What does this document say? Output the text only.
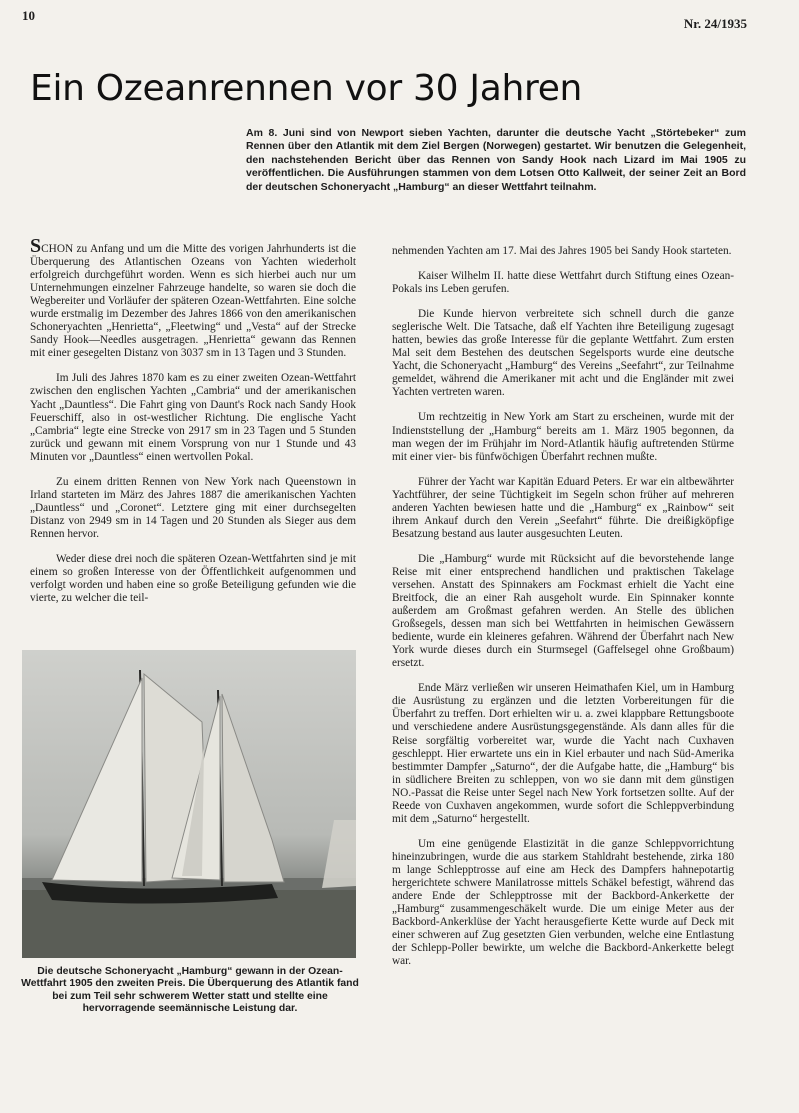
10
Nr. 24/1935
Ein Ozeanrennen vor 30 Jahren

Am 8. Juni sind von Newport sieben Yachten, darunter die deutsche Yacht „Störtebeker“ zum Rennen über den Atlantik mit dem Ziel Bergen (Norwegen) gestartet. Wir benutzen die Gelegenheit, den nachstehenden Bericht über das Rennen von Sandy Hook nach Lizard im Mai 1905 zu veröffentlichen. Die Ausführungen stammen von dem Lotsen Otto Kallweit, der seiner Zeit an Bord der deutschen Schoneryacht „Hamburg“ an dieser Wettfahrt teilnahm.

SCHON zu Anfang und um die Mitte des vorigen Jahrhunderts ist die Überquerung des Atlantischen Ozeans von Yachten wiederholt erfolgreich durchgeführt worden. Wenn es sich hierbei auch nur um Unternehmungen einzelner Fahrzeuge handelte, so waren sie doch die Wegbereiter und Vorläufer der späteren Ozean-Wettfahrten. Eine solche wurde erstmalig im Dezember des Jahres 1866 von den amerikanischen Schoneryachten „Henrietta“, „Fleetwing“ und „Vesta“ auf der Strecke Sandy Hook—Needles ausgetragen. „Henrietta“ gewann das Rennen mit einer gesegelten Distanz von 3037 sm in 13 Tagen und 3 Stunden.

Im Juli des Jahres 1870 kam es zu einer zweiten Ozean-Wettfahrt zwischen den englischen Yachten „Cambria“ und der amerikanischen Yacht „Dauntless“. Die Fahrt ging von Daunt's Rock nach Sandy Hook Feuerschiff, also in ost-westlicher Richtung. Die englische Yacht „Cambria“ legte eine Strecke von 2917 sm in 23 Tagen und 5 Stunden zurück und gewann mit einem Vorsprung von nur 1 Stunde und 43 Minuten vor „Dauntless“ einen wertvollen Pokal.

Zu einem dritten Rennen von New York nach Queenstown in Irland starteten im März des Jahres 1887 die amerikanischen Yachten „Dauntless“ und „Coronet“. Letztere ging mit einer durchsegelten Distanz von 2949 sm in 14 Tagen und 20 Stunden als Sieger aus dem Rennen hervor.

Weder diese drei noch die späteren Ozean-Wettfahrten sind je mit einem so großen Interesse von der Öffentlichkeit aufgenommen und verfolgt worden und haben eine so große Beteiligung gefunden wie die vierte, zu welcher die teil-

Die deutsche Schoneryacht „Hamburg“ gewann in der Ozean-Wettfahrt 1905 den zweiten Preis. Die Überquerung des Atlantik fand bei zum Teil sehr schwerem Wetter statt und stellte eine hervorragende seemännische Leistung dar.

nehmenden Yachten am 17. Mai des Jahres 1905 bei Sandy Hook starteten.

Kaiser Wilhelm II. hatte diese Wettfahrt durch Stiftung eines Ozean-Pokals ins Leben gerufen.

Die Kunde hiervon verbreitete sich schnell durch die ganze seglerische Welt. Die Tatsache, daß elf Yachten ihre Beteiligung zugesagt hatten, bewies das große Interesse für die geplante Wettfahrt. Zum ersten Mal seit dem Bestehen des deutschen Segelsports wurde eine deutsche Yacht, die Schoneryacht „Hamburg“ des Vereins „Seefahrt“, zur Teilnahme gemeldet, während die Amerikaner mit acht und die Engländer mit zwei Yachten vertreten waren.

Um rechtzeitig in New York am Start zu erscheinen, wurde mit der Indienststellung der „Hamburg“ bereits am 1. März 1905 begonnen, da man wegen der im Frühjahr im Nord-Atlantik häufig auftretenden Stürme mit einer vier- bis fünfwöchigen Überfahrt rechnen mußte.

Führer der Yacht war Kapitän Eduard Peters. Er war ein altbewährter Yachtführer, der seine Tüchtigkeit im Segeln schon früher auf mehreren anderen Yachten bewiesen hatte und die „Hamburg“ ex „Rainbow“ seit ihrem Ankauf durch den Verein „Seefahrt“ führte. Die dreißigköpfige Besatzung bestand aus lauter ausgesuchten Leuten.

Die „Hamburg“ wurde mit Rücksicht auf die bevorstehende lange Reise mit einer entsprechend handlichen und praktischen Takelage versehen. Anstatt des Spinnakers am Fockmast erhielt die Yacht eine Breitfock, die an einer Rah ausgeholt wurde. Ein Spinnaker konnte außerdem am Großmast gefahren werden. An Stelle des üblichen Großsegels, dessen man sich bei Wettfahrten in heimischen Gewässern bediente, wurde ein kleineres gefahren. Während der Überfahrt nach New York wurde dieses durch ein Sturmsegel (Gaffelsegel ohne Großbaum) ersetzt.

Ende März verließen wir unseren Heimathafen Kiel, um in Hamburg die Ausrüstung zu ergänzen und die letzten Vorbereitungen für die Überfahrt zu treffen. Dort erhielten wir u. a. zwei klappbare Rettungsboote und verschiedene andere Ausrüstungsgegenstände. Als dann alles für die Reise sorgfältig vorbereitet war, wurde die Yacht nach Cuxhaven geschleppt. Hier erwartete uns ein in Kiel erbauter und nach Süd-Amerika bestimmter Dampfer „Saturno“, der die Aufgabe hatte, die „Hamburg“ bis in südlichere Breiten zu schleppen, von wo sie dann mit dem günstigen NO.-Passat die Reise unter Segel nach New York fortsetzen sollte. Auf der Reede von Cuxhaven angekommen, wurde sofort die Schleppverbindung mit dem „Saturno“ hergestellt.

Um eine genügende Elastizität in die ganze Schleppvorrichtung hineinzubringen, wurde die aus starkem Stahldraht bestehende, zirka 180 m lange Schlepptrosse auf eine am Heck des Dampfers hahnepotartig hergerichtete schwere Manilatrosse mittels Schäkel befestigt, während das andere Ende der Schlepptrosse mit der Backbord-Ankerkette der „Hamburg“ zusammengeschäkelt wurde. Die um einige Meter aus der Backbord-Ankerklüse der Yacht herausgefierte Kette wurde auf Deck mit einer schweren auf Zug gesetzten Gien verbunden, welche eine Entlastung der Schlepp-Poller bewirkte, um welche die Backbord-Ankerkette belegt war.
